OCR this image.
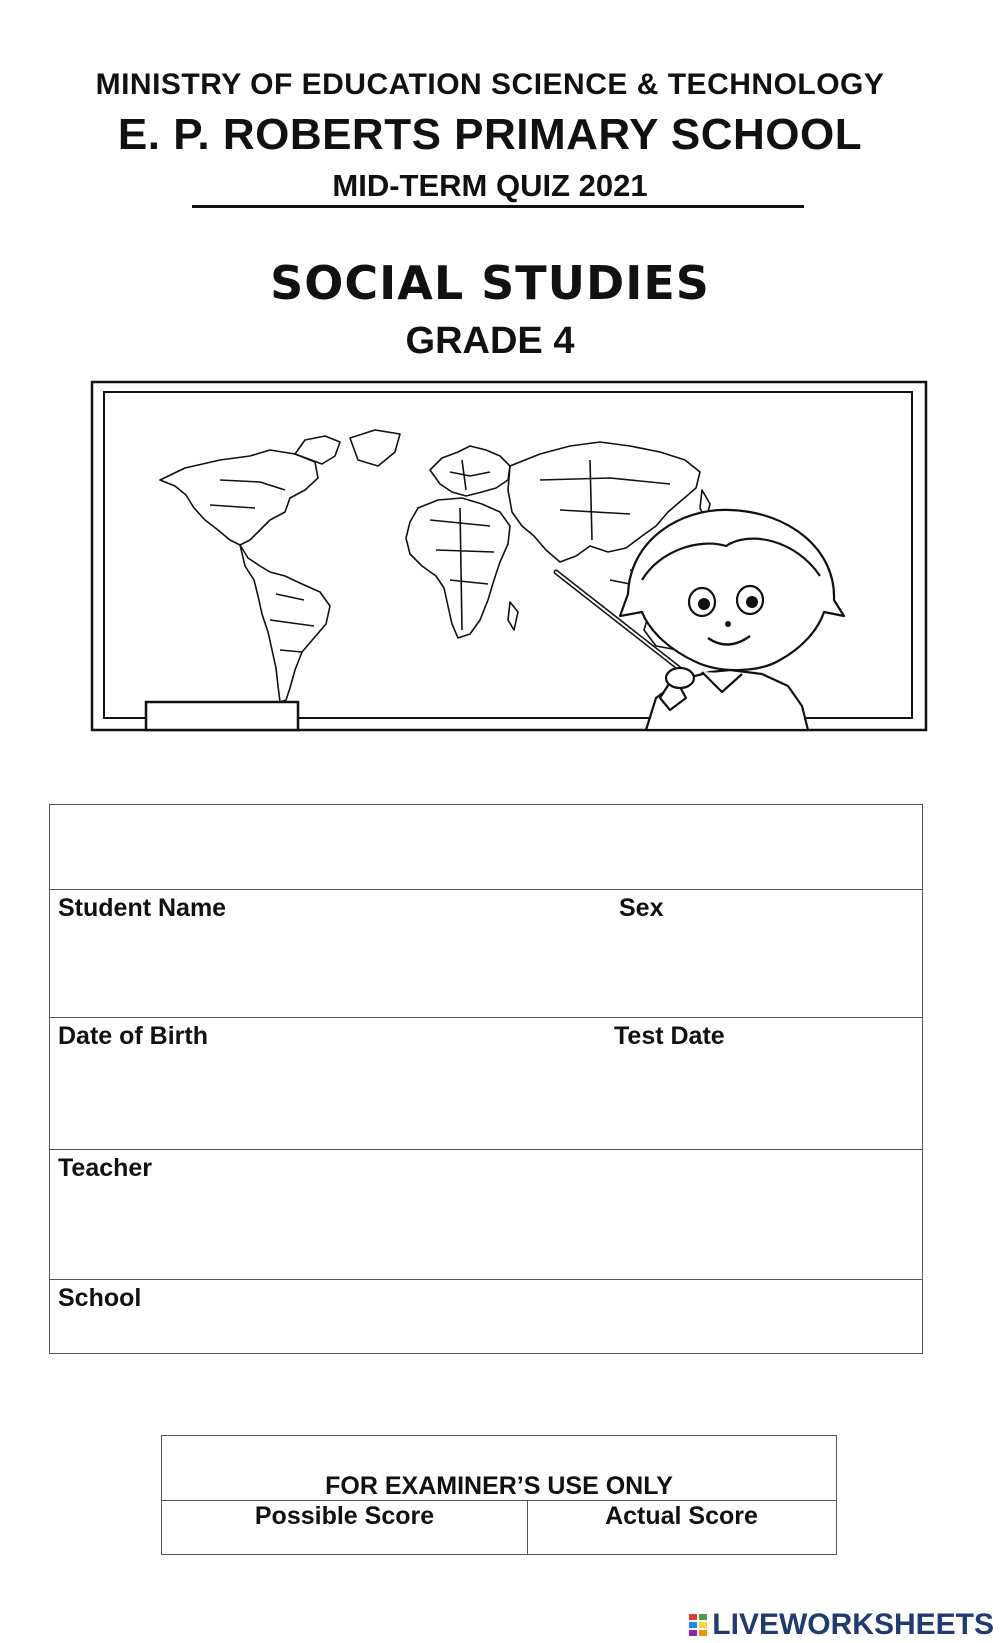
MINISTRY OF EDUCATION SCIENCE & TECHNOLOGY
E. P. ROBERTS PRIMARY SCHOOL
MID-TERM QUIZ 2021
SOCIAL STUDIES
GRADE 4
Student Name	Sex
Date of Birth	Test Date
Teacher
School
FOR EXAMINER’S USE ONLY
Possible Score	Actual Score
LIVEWORKSHEETS
